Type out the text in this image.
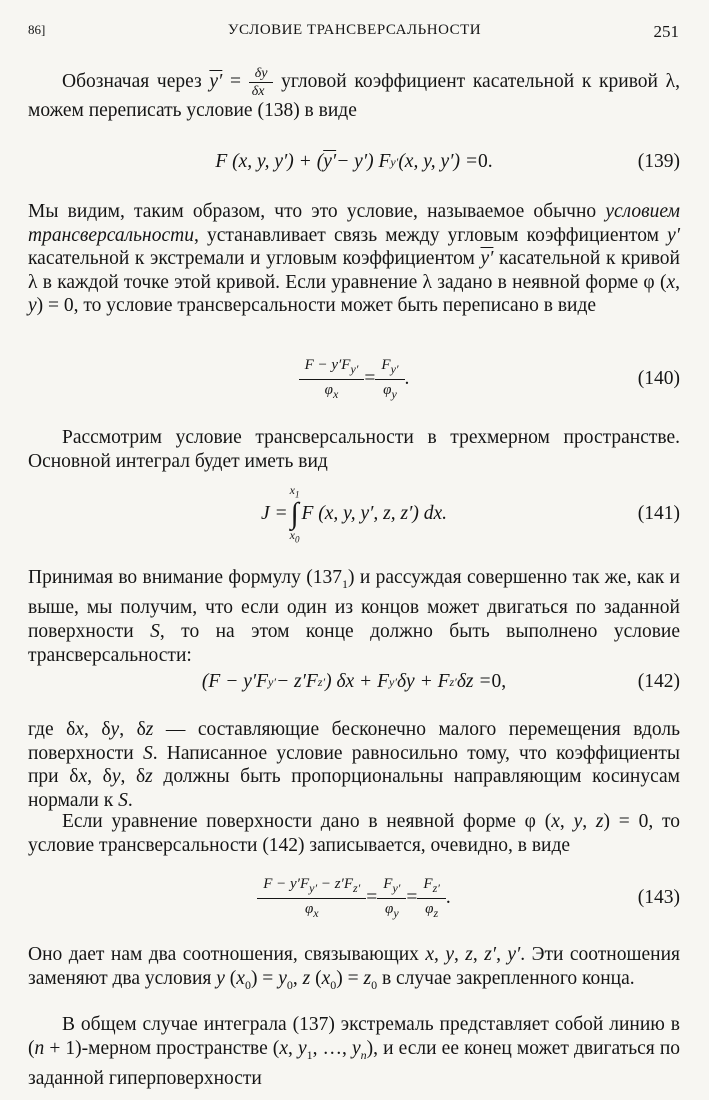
УСЛОВИЕ ТРАНСВЕРСАЛЬНОСТИ
86]	251
Обозначая через $y' = \frac{\delta y}{\delta x}$ угловой коэффициент касательной к кривой λ, можем переписать условие (138) в виде
F (x, y, y′) + ( y′ − y′) F y′ (x, y, y′) = 0.	(139)
Мы видим, таким образом, что это условие, называемое обычно условием трансверсальности, устанавливает связь между угловым коэффициентом y′ касательной к экстремали и угловым коэффициентом y′ касательной к кривой λ в каждой точке этой кривой. Если уравнение λ задано в неявной форме φ (x, y) = 0, то условие трансверсальности может быть переписано в виде
$\frac{F - y'F_{y'}}{\varphi_x} = \frac{F_{y'}}{\varphi_y}$ .	(140)
Рассмотрим условие трансверсальности в трехмерном пространстве. Основной интеграл будет иметь вид
J =
$x_1$
∫
$x_0$
F (x, y, y′, z, z′) dx.	(141)
Принимая во внимание формулу $(137_1)$ и рассуждая совершенно так же, как и выше, мы получим, что если один из концов может двигаться по заданной поверхности S, то на этом конце должно быть выполнено условие трансверсальности:
(F − y′F y′ − z′F z′ ) δx + F y′ δy + F z′ δz = 0,	(142)
где δx, δy, δz — составляющие бесконечно малого перемещения вдоль поверхности S. Написанное условие равносильно тому, что коэффициенты при δx, δy, δz должны быть пропорциональны направляющим косинусам нормали к S.
Если уравнение поверхности дано в неявной форме φ (x, y, z) = 0, то условие трансверсальности (142) записывается, очевидно, в виде
$\frac{F - y'F_{y'} - z'F_{z'}}{\varphi_x} = \frac{F_{y'}}{\varphi_y} = \frac{F_{z'}}{\varphi_z}$ .	(143)
Оно дает нам два соотношения, связывающих x, y, z, z′, y′. Эти соотношения заменяют два условия y $(x_0) = y_0$, z $(x_0) = z_0$ в случае закрепленного конца.
В общем случае интеграла (137) экстремаль представляет собой линию в (n + 1)-мерном пространстве (x, $y_1$, …, $y_n$), и если ее конец может двигаться по заданной гиперповерхности
